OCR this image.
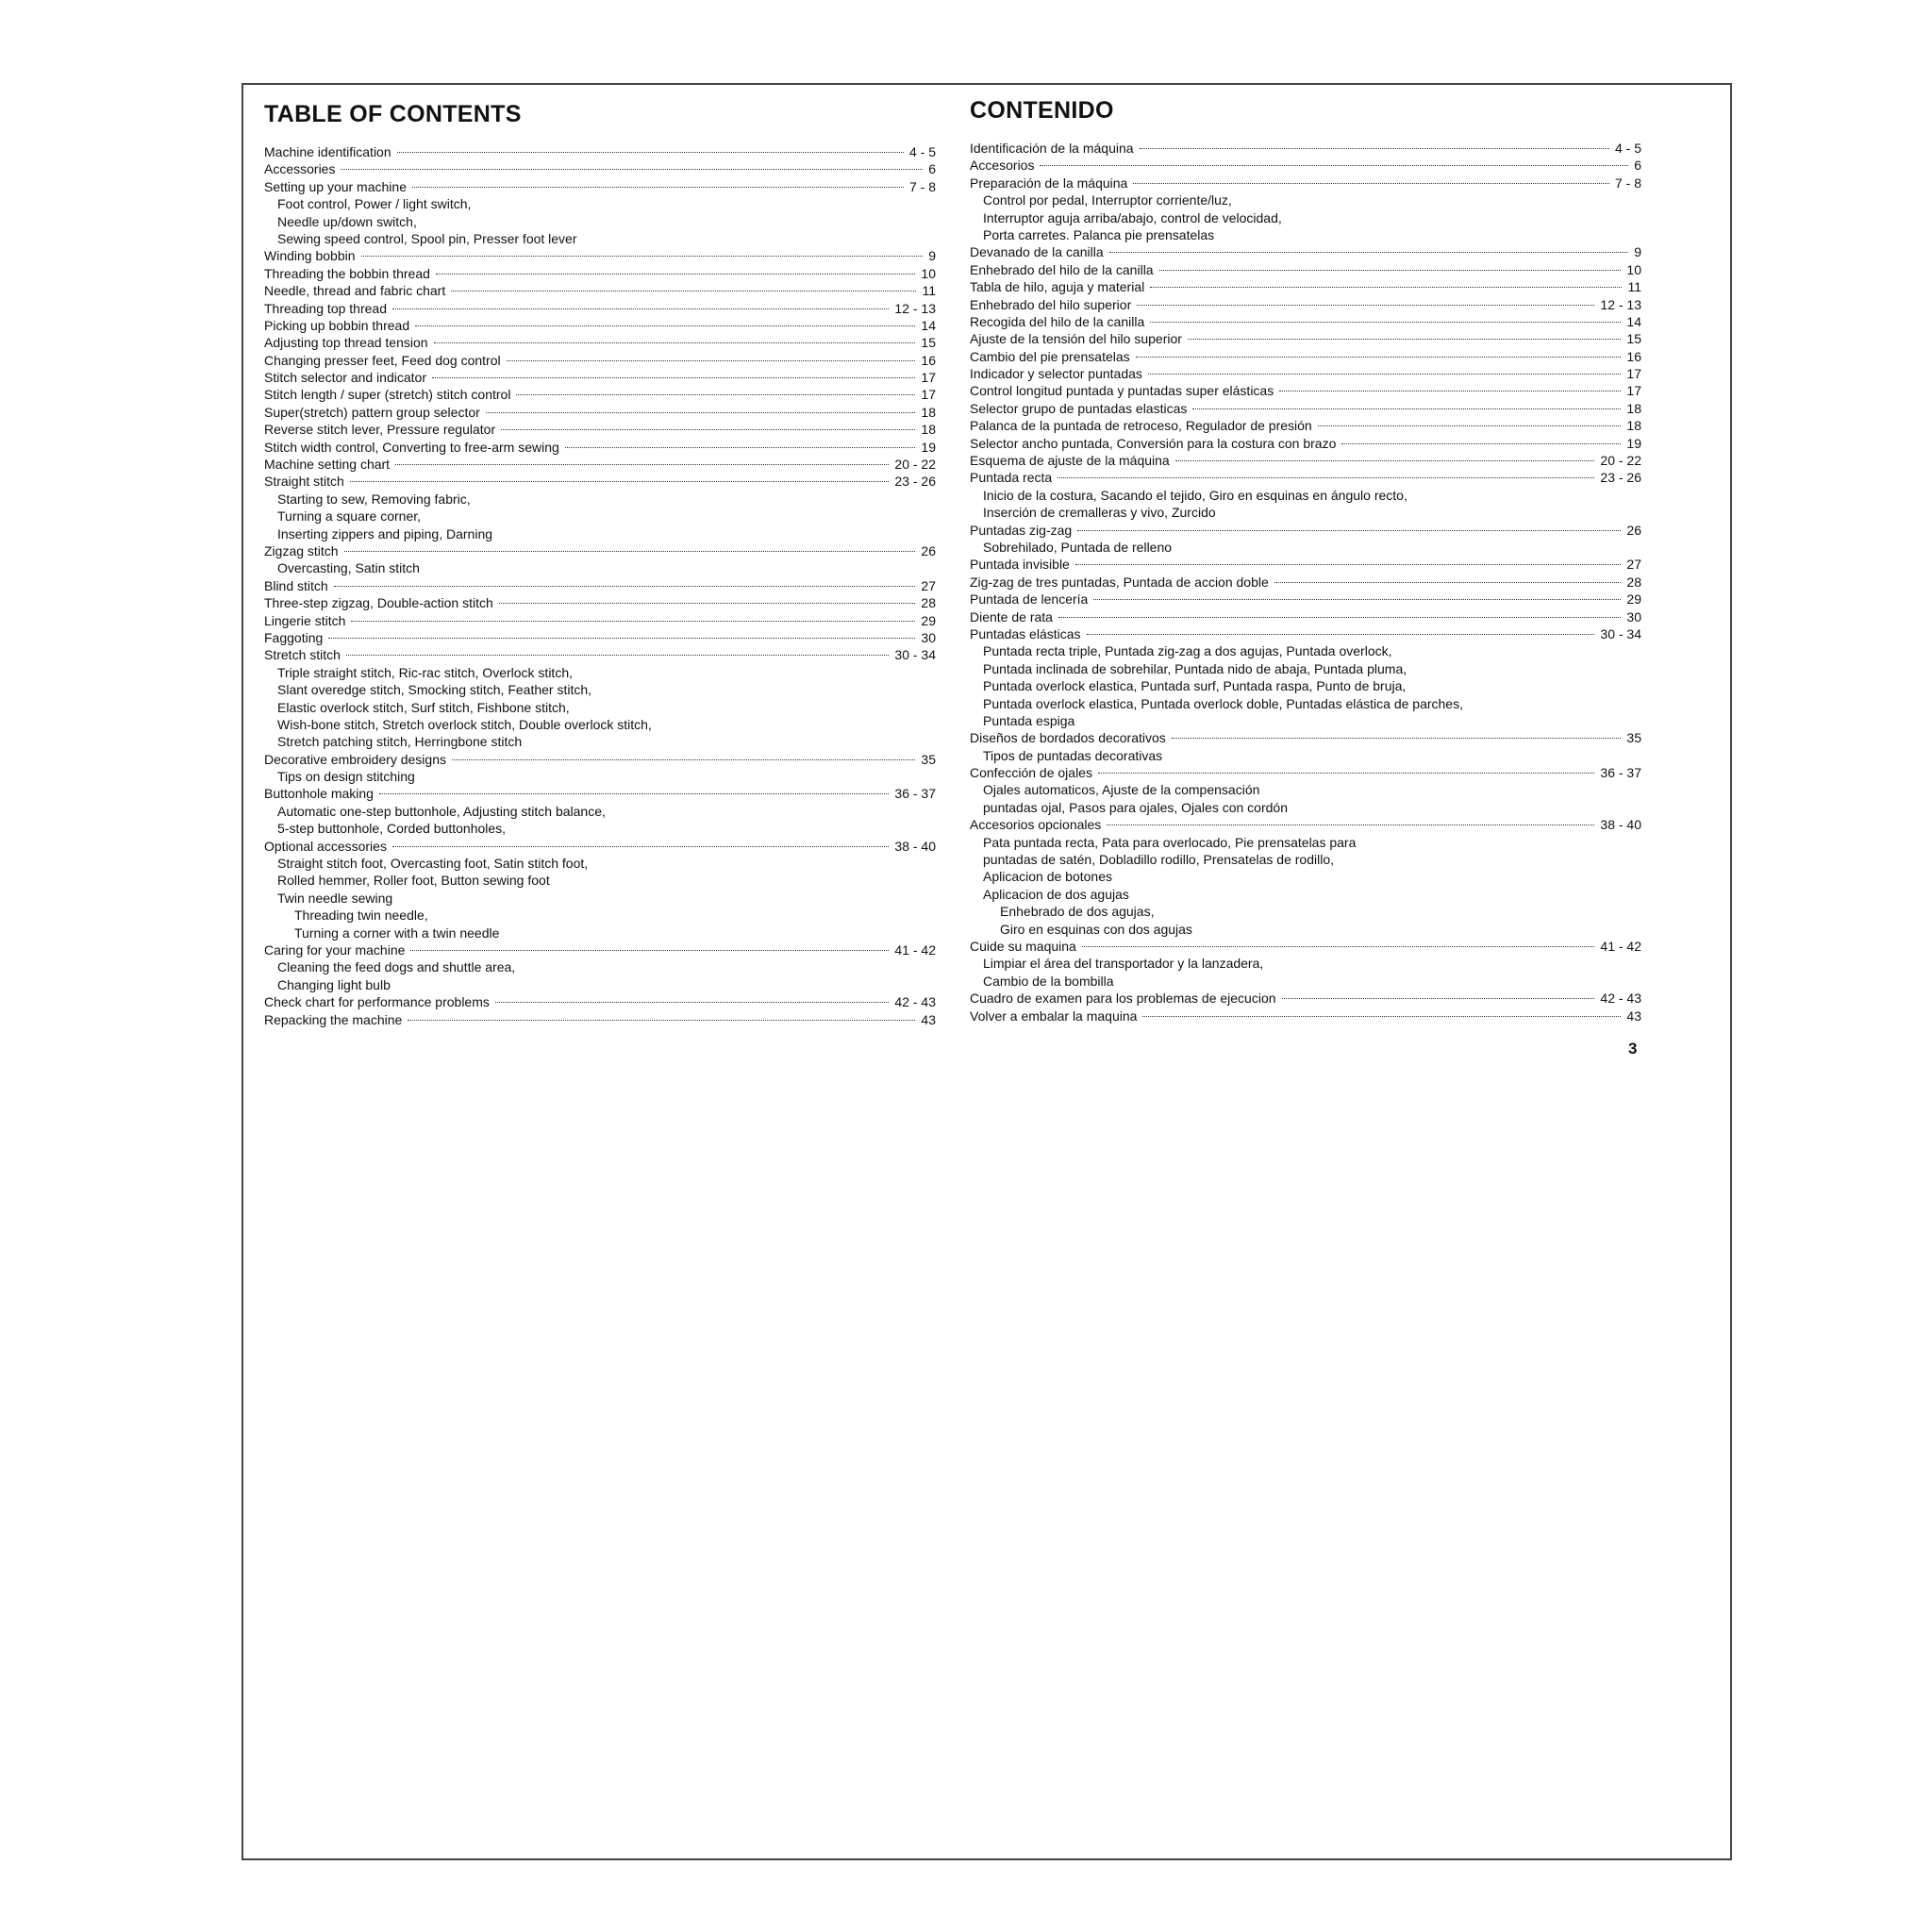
TABLE OF CONTENTS
Machine identification	4 - 5
Accessories	6
Setting up your machine	7 - 8
Foot control, Power / light switch,
Needle up/down switch,
Sewing speed control, Spool pin, Presser foot lever
Winding bobbin	9
Threading the bobbin thread	10
Needle, thread and fabric chart	11
Threading top thread	12 - 13
Picking up bobbin thread	14
Adjusting top thread tension	15
Changing presser feet, Feed dog control	16
Stitch selector and indicator	17
Stitch length / super (stretch) stitch control	17
Super(stretch) pattern group selector	18
Reverse stitch lever, Pressure regulator	18
Stitch width control, Converting to free-arm sewing	19
Machine setting chart	20 - 22
Straight stitch	23 - 26
Starting to sew, Removing fabric,
Turning a square corner,
Inserting zippers and piping, Darning
Zigzag stitch	26
Overcasting, Satin stitch
Blind stitch	27
Three-step zigzag, Double-action stitch	28
Lingerie stitch	29
Faggoting	30
Stretch stitch	30 - 34
Triple straight stitch, Ric-rac stitch, Overlock stitch,
Slant overedge stitch, Smocking stitch, Feather stitch,
Elastic overlock stitch, Surf stitch, Fishbone stitch,
Wish-bone stitch, Stretch overlock stitch, Double overlock stitch,
Stretch patching stitch, Herringbone stitch
Decorative embroidery designs	35
Tips on design stitching
Buttonhole making	36 - 37
Automatic one-step buttonhole, Adjusting stitch balance,
5-step buttonhole, Corded buttonholes,
Optional accessories	38 - 40
Straight stitch foot, Overcasting foot, Satin stitch foot,
Rolled hemmer, Roller foot, Button sewing foot
Twin needle sewing
Threading twin needle,
Turning a corner with a twin needle
Caring for your machine	41 - 42
Cleaning the feed dogs and shuttle area,
Changing light bulb
Check chart for performance problems	42 - 43
Repacking the machine	43
CONTENIDO
Identificación de la máquina	4 - 5
Accesorios	6
Preparación de la máquina	7 - 8
Control por pedal, Interruptor corriente/luz,
Interruptor aguja arriba/abajo, control de velocidad,
Porta carretes. Palanca pie prensatelas
Devanado de la canilla	9
Enhebrado del hilo de la canilla	10
Tabla de hilo, aguja y material	11
Enhebrado del hilo superior	12 - 13
Recogida del hilo de la canilla	14
Ajuste de la tensión del hilo superior	15
Cambio del pie prensatelas	16
Indicador y selector puntadas	17
Control longitud puntada y puntadas super elásticas	17
Selector grupo de puntadas elasticas	18
Palanca de la puntada de retroceso, Regulador de presión	18
Selector ancho puntada, Conversión para la costura con brazo	19
Esquema de ajuste de la máquina	20 - 22
Puntada recta	23 - 26
Inicio de la costura, Sacando el tejido, Giro en esquinas en ángulo recto,
Inserción de cremalleras y vivo, Zurcido
Puntadas zig-zag	26
Sobrehilado, Puntada de relleno
Puntada invisible	27
Zig-zag de tres puntadas, Puntada de accion doble	28
Puntada de lencería	29
Diente de rata	30
Puntadas elásticas	30 - 34
Puntada recta triple, Puntada zig-zag a dos agujas, Puntada overlock,
Puntada inclinada de sobrehilar, Puntada nido de abaja, Puntada pluma,
Puntada overlock elastica, Puntada surf, Puntada raspa, Punto de bruja,
Puntada overlock elastica, Puntada overlock doble, Puntadas elástica de parches,
Puntada espiga
Diseños de bordados decorativos	35
Tipos de puntadas decorativas
Confección de ojales	36 - 37
Ojales automaticos, Ajuste de la compensación
puntadas ojal, Pasos para ojales, Ojales con cordón
Accesorios opcionales	38 - 40
Pata puntada recta, Pata para overlocado, Pie prensatelas para
puntadas de satén, Dobladillo rodillo, Prensatelas de rodillo,
Aplicacion de botones
Aplicacion de dos agujas
Enhebrado de dos agujas,
Giro en esquinas con dos agujas
Cuide su maquina	41 - 42
Limpiar el área del transportador y la lanzadera,
Cambio de la bombilla
Cuadro de examen para los problemas de ejecucion	42 - 43
Volver a embalar la maquina	43
3
